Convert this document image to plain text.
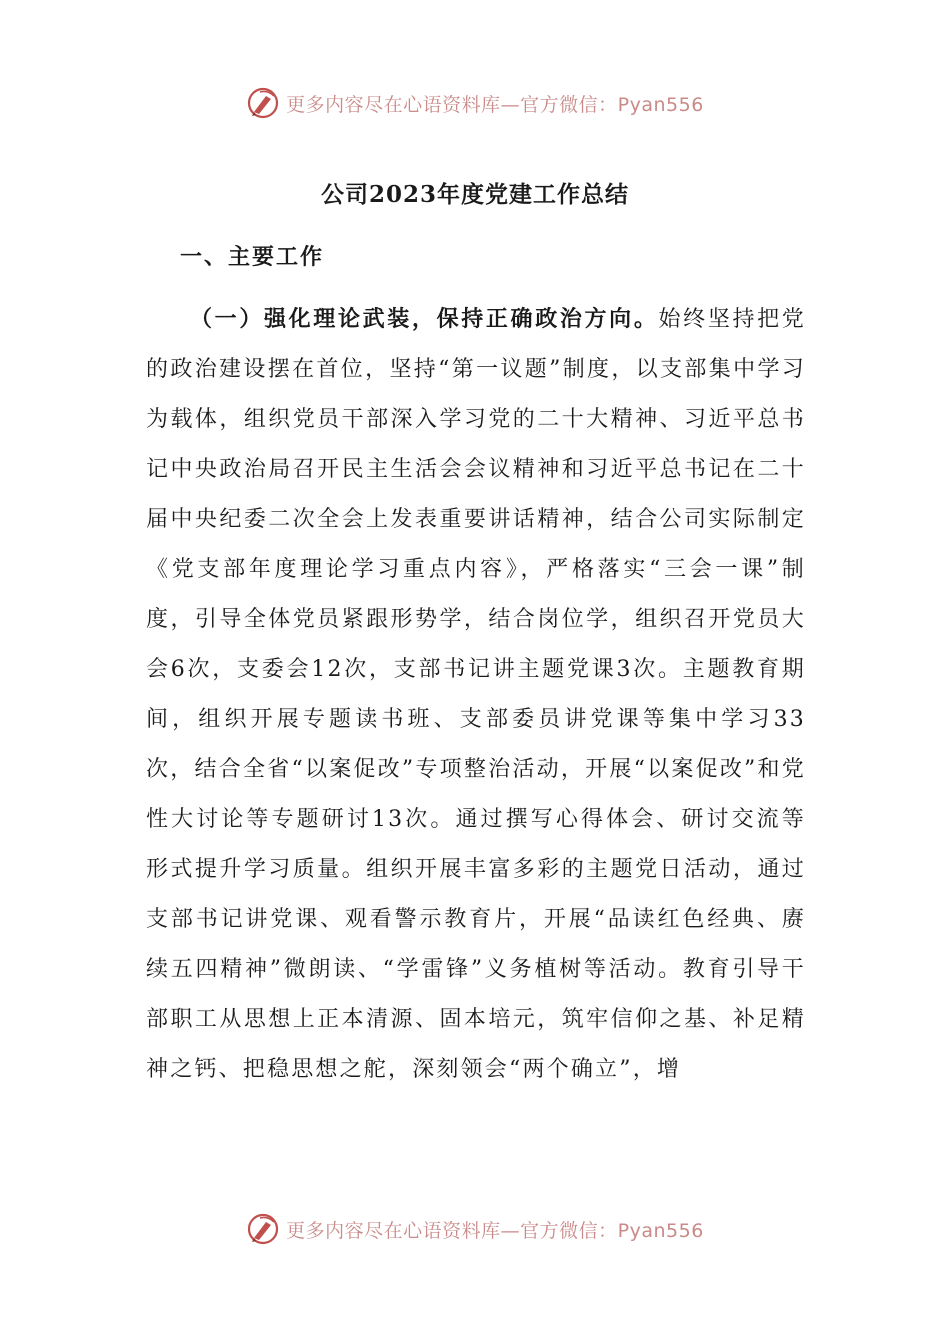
更多内容尽在心语资料库—官方微信：Pyan556
公司2023年度党建工作总结
一、主要工作

（一）强化理论武装，保持正确政治方向。始终坚持把党的政治建设摆在首位，坚持“第一议题”制度，以支部集中学习为载体，组织党员干部深入学习党的二十大精神、习近平总书记中央政治局召开民主生活会会议精神和习近平总书记在二十届中央纪委二次全会上发表重要讲话精神，结合公司实际制定《党支部年度理论学习重点内容》，严格落实“三会一课”制度，引导全体党员紧跟形势学，结合岗位学，组织召开党员大会6次，支委会12次，支部书记讲主题党课3次。主题教育期间，组织开展专题读书班、支部委员讲党课等集中学习33次，结合全省“以案促改”专项整治活动，开展“以案促改”和党性大讨论等专题研讨13次。通过撰写心得体会、研讨交流等形式提升学习质量。组织开展丰富多彩的主题党日活动，通过支部书记讲党课、观看警示教育片，开展“品读红色经典、赓续五四精神”微朗读、“学雷锋”义务植树等活动。教育引导干部职工从思想上正本清源、固本培元，筑牢信仰之基、补足精神之钙、把稳思想之舵，深刻领会“两个确立”，增

更多内容尽在心语资料库—官方微信：Pyan556
